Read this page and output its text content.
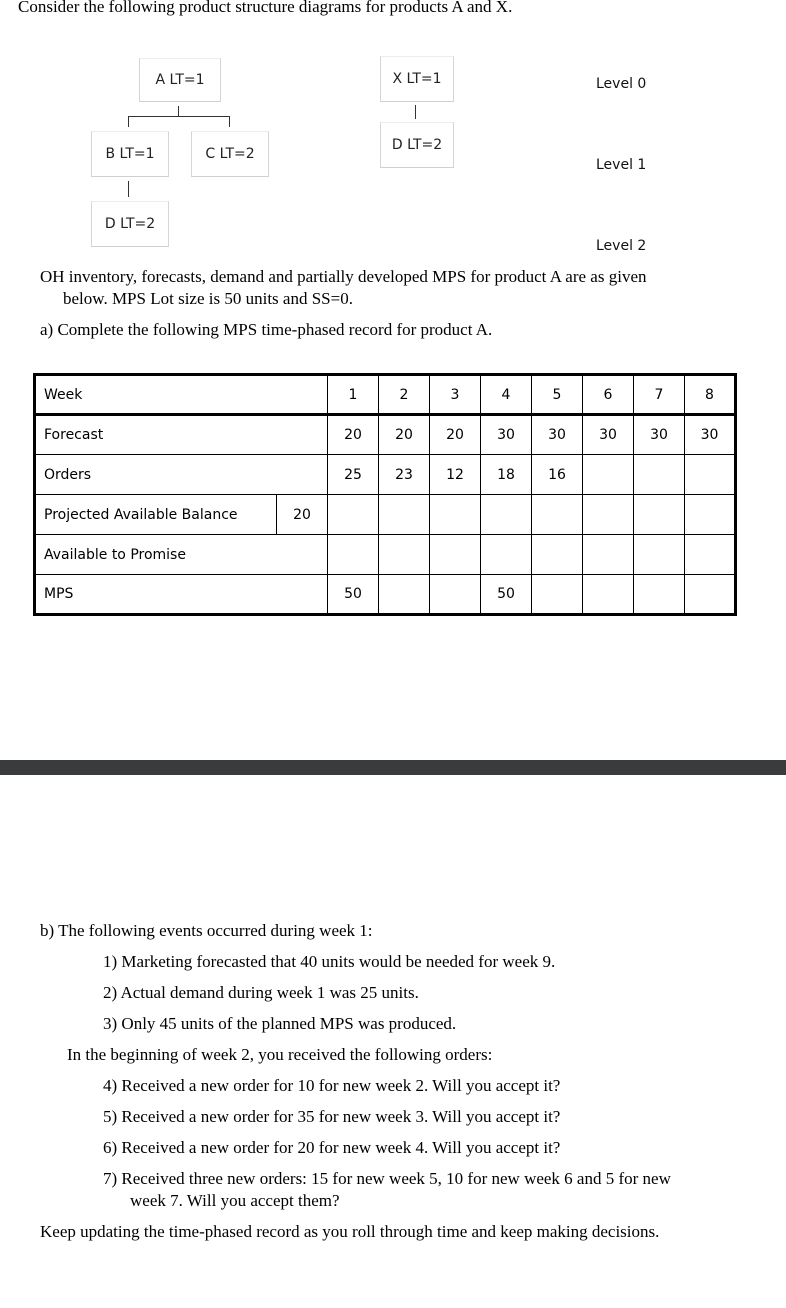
Consider the following product structure diagrams for products A and X.
A LT=1
B LT=1	C LT=2
D LT=2
X LT=1
D LT=2
Level 0
Level 1
Level 2
OH inventory, forecasts, demand and partially developed MPS for product A are as given
below. MPS Lot size is 50 units and SS=0.
a) Complete the following MPS time-phased record for product A.
Week		1	2	3	4	5	6	7	8
Forecast		20	20	20	30	30	30	30	30
Orders		25	23	12	18	16			
Projected Available Balance	20								
Available to Promise									
MPS		50			50				
b) The following events occurred during week 1:
1) Marketing forecasted that 40 units would be needed for week 9.
2) Actual demand during week 1 was 25 units.
3) Only 45 units of the planned MPS was produced.
In the beginning of week 2, you received the following orders:
4) Received a new order for 10 for new week 2. Will you accept it?
5) Received a new order for 35 for new week 3. Will you accept it?
6) Received a new order for 20 for new week 4. Will you accept it?
7) Received three new orders: 15 for new week 5, 10 for new week 6 and 5 for new
week 7. Will you accept them?
Keep updating the time-phased record as you roll through time and keep making decisions.
